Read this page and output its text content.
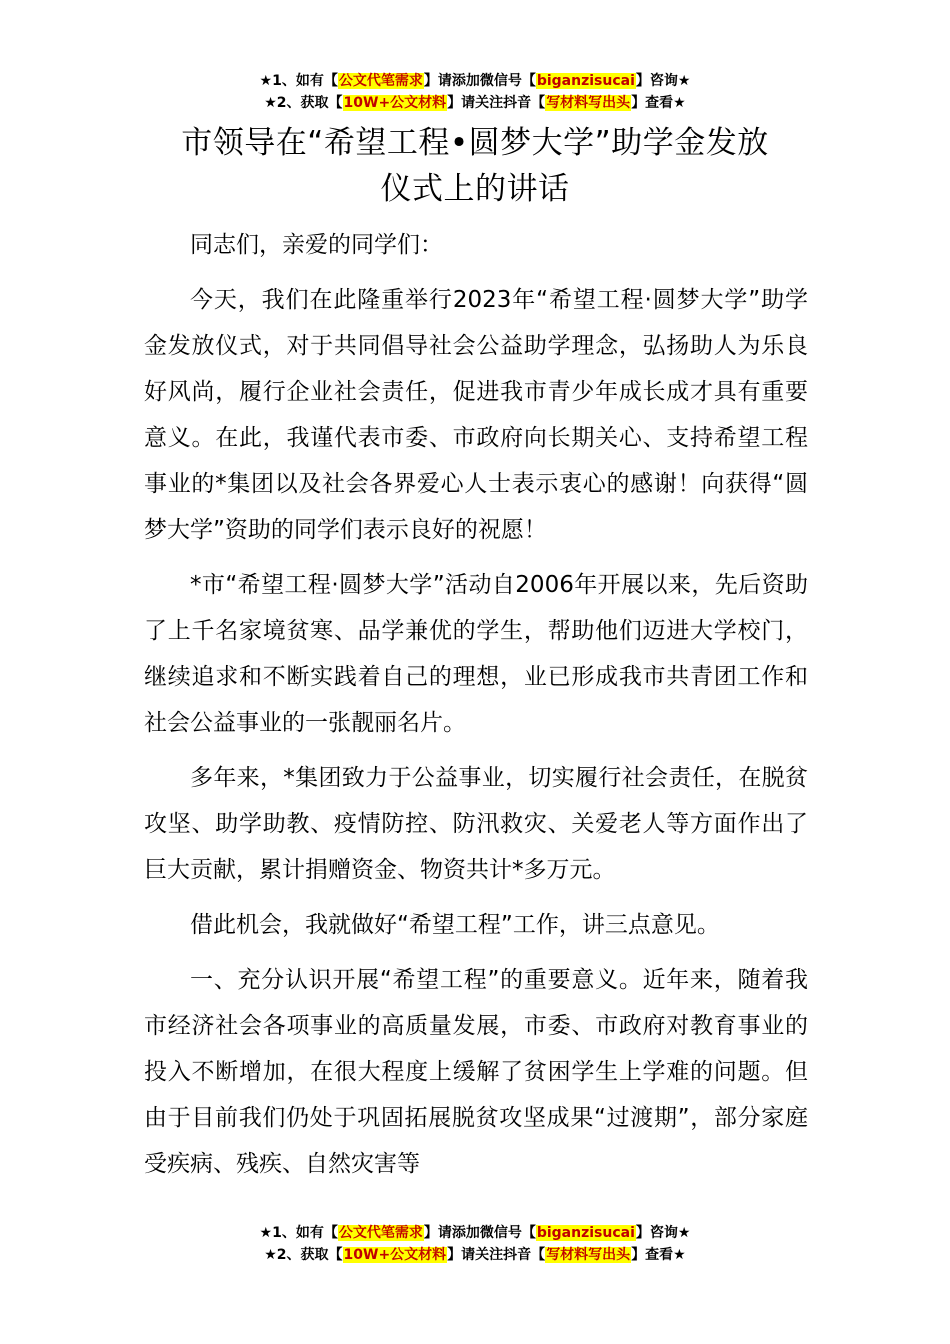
★1、如有【公文代笔需求】请添加微信号【biganzisucai】咨询★
★2、获取【10W+公文材料】请关注抖音【写材料写出头】查看★
市领导在“希望工程•圆梦大学”助学金发放
仪式上的讲话

同志们，亲爱的同学们：

今天，我们在此隆重举行2023年“希望工程·圆梦大学”助学金发放仪式，对于共同倡导社会公益助学理念，弘扬助人为乐良好风尚，履行企业社会责任，促进我市青少年成长成才具有重要意义。在此，我谨代表市委、市政府向长期关心、支持希望工程事业的*集团以及社会各界爱心人士表示衷心的感谢！向获得“圆梦大学”资助的同学们表示良好的祝愿！

*市“希望工程·圆梦大学”活动自2006年开展以来，先后资助了上千名家境贫寒、品学兼优的学生，帮助他们迈进大学校门，继续追求和不断实践着自己的理想，业已形成我市共青团工作和社会公益事业的一张靓丽名片。

多年来，*集团致力于公益事业，切实履行社会责任，在脱贫攻坚、助学助教、疫情防控、防汛救灾、关爱老人等方面作出了巨大贡献，累计捐赠资金、物资共计*多万元。

借此机会，我就做好“希望工程”工作，讲三点意见。

一、充分认识开展“希望工程”的重要意义。近年来，随着我市经济社会各项事业的高质量发展，市委、市政府对教育事业的投入不断增加，在很大程度上缓解了贫困学生上学难的问题。但由于目前我们仍处于巩固拓展脱贫攻坚成果“过渡期”，部分家庭受疾病、残疾、自然灾害等

★1、如有【公文代笔需求】请添加微信号【biganzisucai】咨询★
★2、获取【10W+公文材料】请关注抖音【写材料写出头】查看★
